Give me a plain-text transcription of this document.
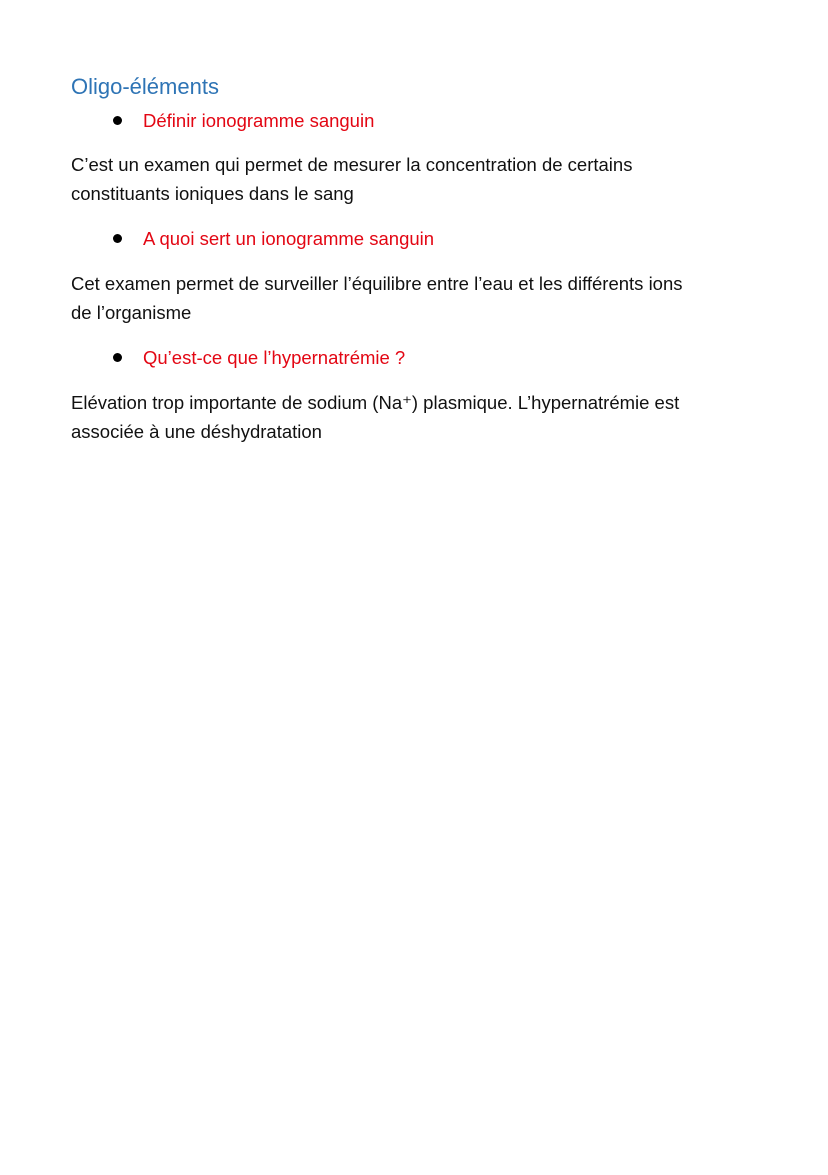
Oligo-éléments
Définir ionogramme sanguin
C’est un examen qui permet de mesurer la concentration de certains
constituants ioniques dans le sang
A quoi sert un ionogramme sanguin
Cet examen permet de surveiller l’équilibre entre l’eau et les différents ions
de l’organisme
Qu’est-ce que l’hypernatrémie ?
Elévation trop importante de sodium (Na⁺) plasmique. L’hypernatrémie est
associée à une déshydratation
